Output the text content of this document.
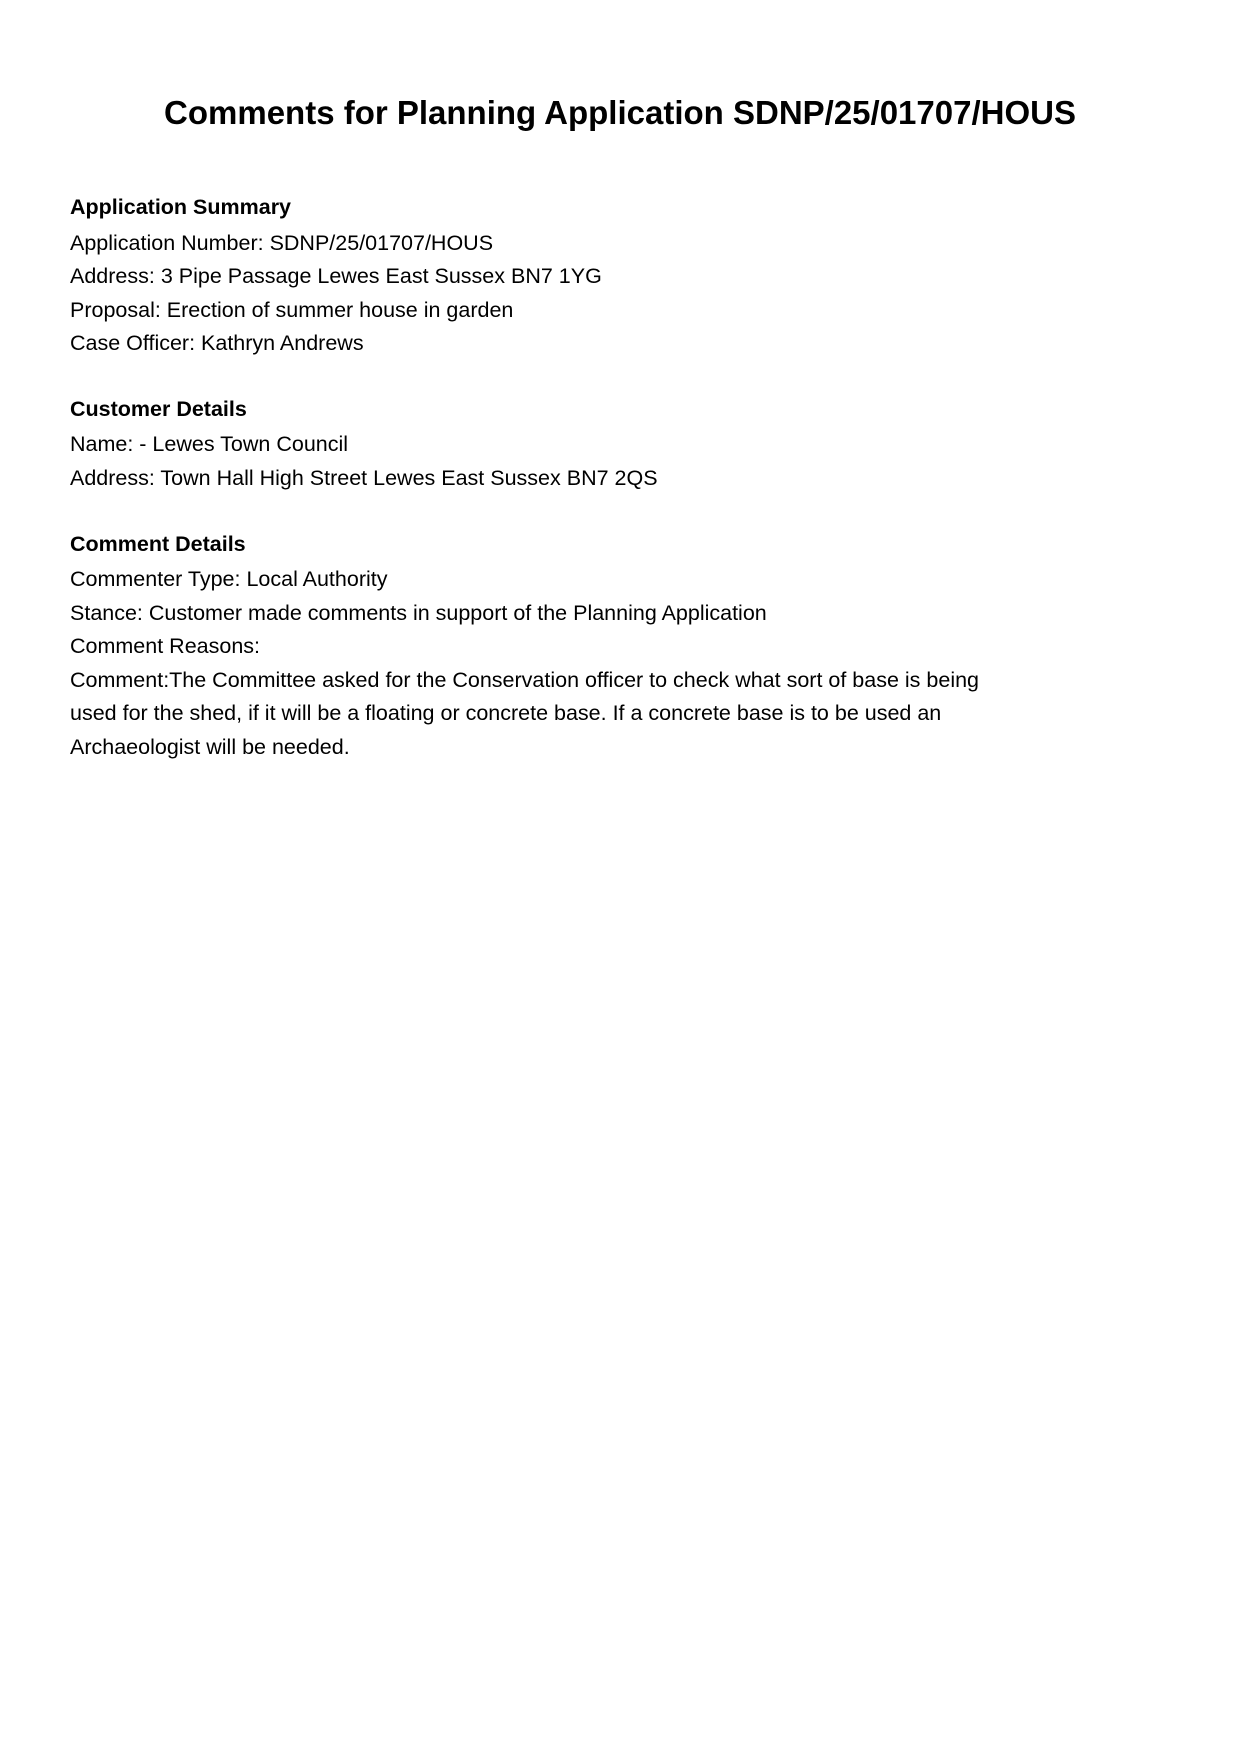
Comments for Planning Application SDNP/25/01707/HOUS
Application Summary

Application Number: SDNP/25/01707/HOUS

Address: 3 Pipe Passage Lewes East Sussex BN7 1YG

Proposal: Erection of summer house in garden

Case Officer: Kathryn Andrews

Customer Details

Name: - Lewes Town Council

Address: Town Hall High Street Lewes East Sussex BN7 2QS

Comment Details

Commenter Type: Local Authority

Stance: Customer made comments in support of the Planning Application

Comment Reasons:

Comment:The Committee asked for the Conservation officer to check what sort of base is being used for the shed, if it will be a floating or concrete base. If a concrete base is to be used an Archaeologist will be needed.
